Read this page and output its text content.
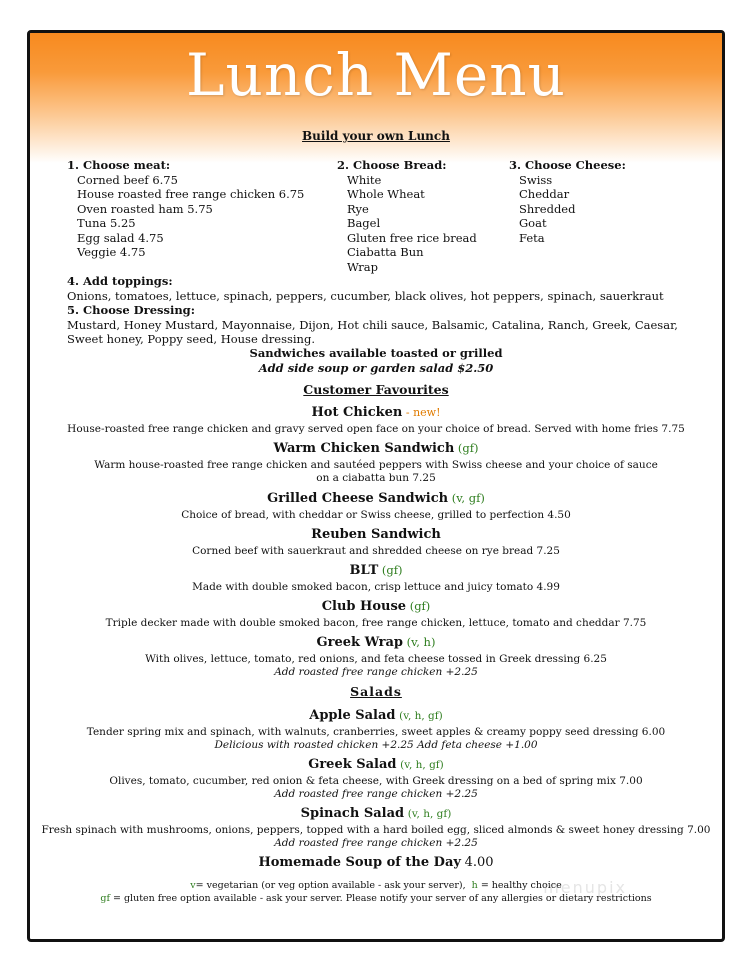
Lunch Menu
Build your own Lunch
1. Choose meat:
Corned beef 6.75
House roasted free range chicken 6.75
Oven roasted ham 5.75
Tuna 5.25
Egg salad 4.75
Veggie 4.75
2. Choose Bread:
White
Whole Wheat
Rye
Bagel
Gluten free rice bread
Ciabatta Bun
Wrap
3. Choose Cheese:
Swiss
Cheddar
Shredded
Goat
Feta
4. Add toppings:
Onions, tomatoes, lettuce, spinach, peppers, cucumber, black olives, hot peppers, spinach, sauerkraut
5. Choose Dressing:
Mustard, Honey Mustard, Mayonnaise, Dijon, Hot chili sauce, Balsamic, Catalina, Ranch, Greek, Caesar,
Sweet honey, Poppy seed, House dressing.
Sandwiches available toasted or grilled
Add side soup or garden salad $2.50
Customer Favourites
Hot Chicken - new!
House-roasted free range chicken and gravy served open face on your choice of bread. Served with home fries 7.75
Warm Chicken Sandwich (gf)
Warm house-roasted free range chicken and sautéed peppers with Swiss cheese and your choice of sauce
on a ciabatta bun 7.25
Grilled Cheese Sandwich (v, gf)
Choice of bread, with cheddar or Swiss cheese, grilled to perfection 4.50
Reuben Sandwich
Corned beef with sauerkraut and shredded cheese on rye bread 7.25
BLT (gf)
Made with double smoked bacon, crisp lettuce and juicy tomato 4.99
Club House (gf)
Triple decker made with double smoked bacon, free range chicken, lettuce, tomato and cheddar 7.75
Greek Wrap (v, h)
With olives, lettuce, tomato, red onions, and feta cheese tossed in Greek dressing 6.25
Add roasted free range chicken +2.25
Salads
Apple Salad (v, h, gf)
Tender spring mix and spinach, with walnuts, cranberries, sweet apples & creamy poppy seed dressing 6.00
Delicious with roasted chicken +2.25 Add feta cheese +1.00
Greek Salad (v, h, gf)
Olives, tomato, cucumber, red onion & feta cheese, with Greek dressing on a bed of spring mix 7.00
Add roasted free range chicken +2.25
Spinach Salad (v, h, gf)
Fresh spinach with mushrooms, onions, peppers, topped with a hard boiled egg, sliced almonds & sweet honey dressing 7.00
Add roasted free range chicken +2.25
Homemade Soup of the Day 4.00
v= vegetarian (or veg option available - ask your server), h = healthy choice
gf = gluten free option available - ask your server. Please notify your server of any allergies or dietary restrictions
menupix
